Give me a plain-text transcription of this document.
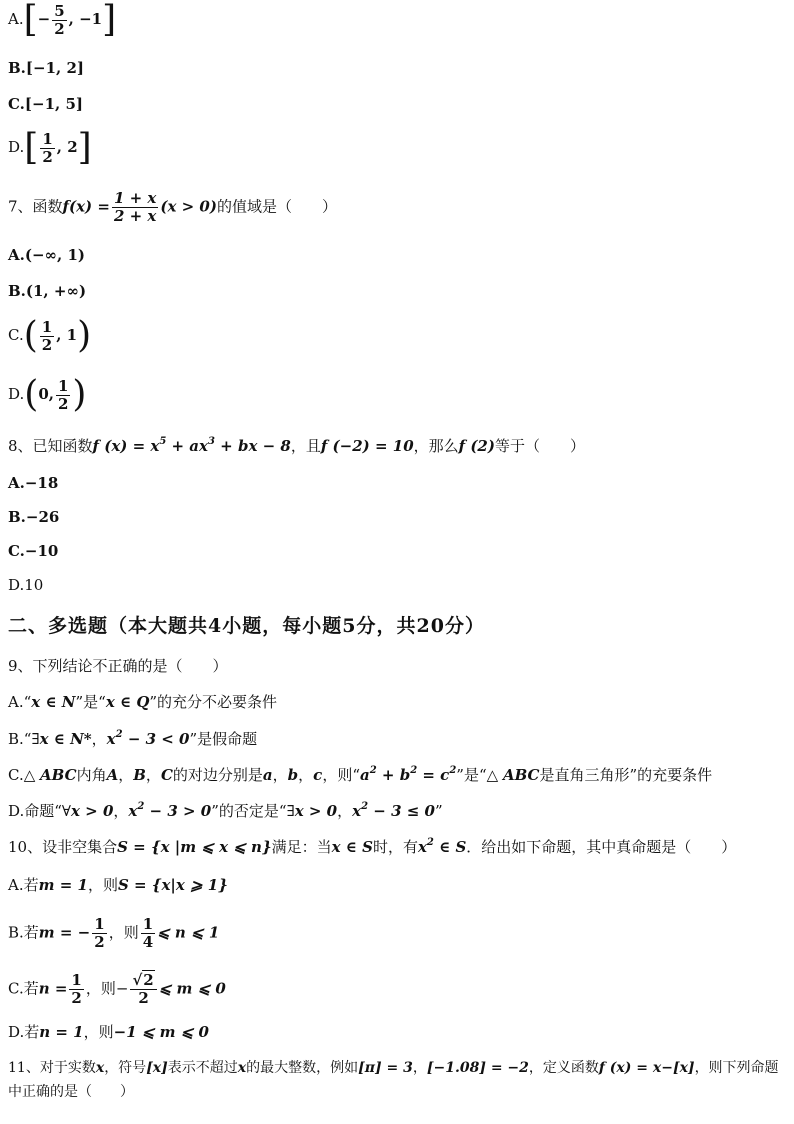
$A.[- \frac{5}{2}$ , −1]
B.[−1, 2]
C.[−1, 5]
$D.[ \frac{1}{2}$ , 2]
7、函数$f(x) = \frac{1 + x}{2 + x} (x > 0)$的值域是（　　）
A.(−∞, 1)
B.(1, +∞)
$C.( \frac{1}{2}$ , 1)
D.(0, $\frac{1}{2}$ )
8、已知函数f $(x) = x^5 + ax^3$ + bx − 8，且f (−2) = 10，那么f (2)等于（　　）
A.−18
B.−26
C.−10
D.10
二、多选题（本大题共4小题，每小题5分，共20分）
9、下列结论不正确的是（　　）
A.“x ∈ N”是“x ∈ Q”的充分不必要条件
B.“∃x ∈ N*，$x^2 - 3 < 0$”是假命题
C.△ ABC内角A，B，C的对边分别是a，b，c，则“$a^2 + b^2 = c^2$”是“△ ABC是直角三角形”的充要条件
D.命题“∀x > 0，$x^2 - 3 > 0$”的否定是“∃x > 0，$x^2 - 3 \le 0$”
10、设非空集合S = {x |m ⩽ x ⩽ n}满足：当x ∈ S时，有$x^2$ ∈ S．给出如下命题，其中真命题是（　　）
A.若m = 1，则S = {x|x ⩾ 1}
B.若m = − $\frac{1}{2}$ ，则 $\frac{1}{4}$ ⩽ n ⩽ 1
C.若$n = \frac{1}{2}$ ，则− $\frac{√2}{2}$ ⩽ m ⩽ 0
D.若n = 1，则−1 ⩽ m ⩽ 0
11、对于实数x，符号[x]表示不超过x的最大整数，例如[π] = 3，[−1.08] = −2，定义函数f (x) = x−[x]，则下列命题中正确的是（　　）
